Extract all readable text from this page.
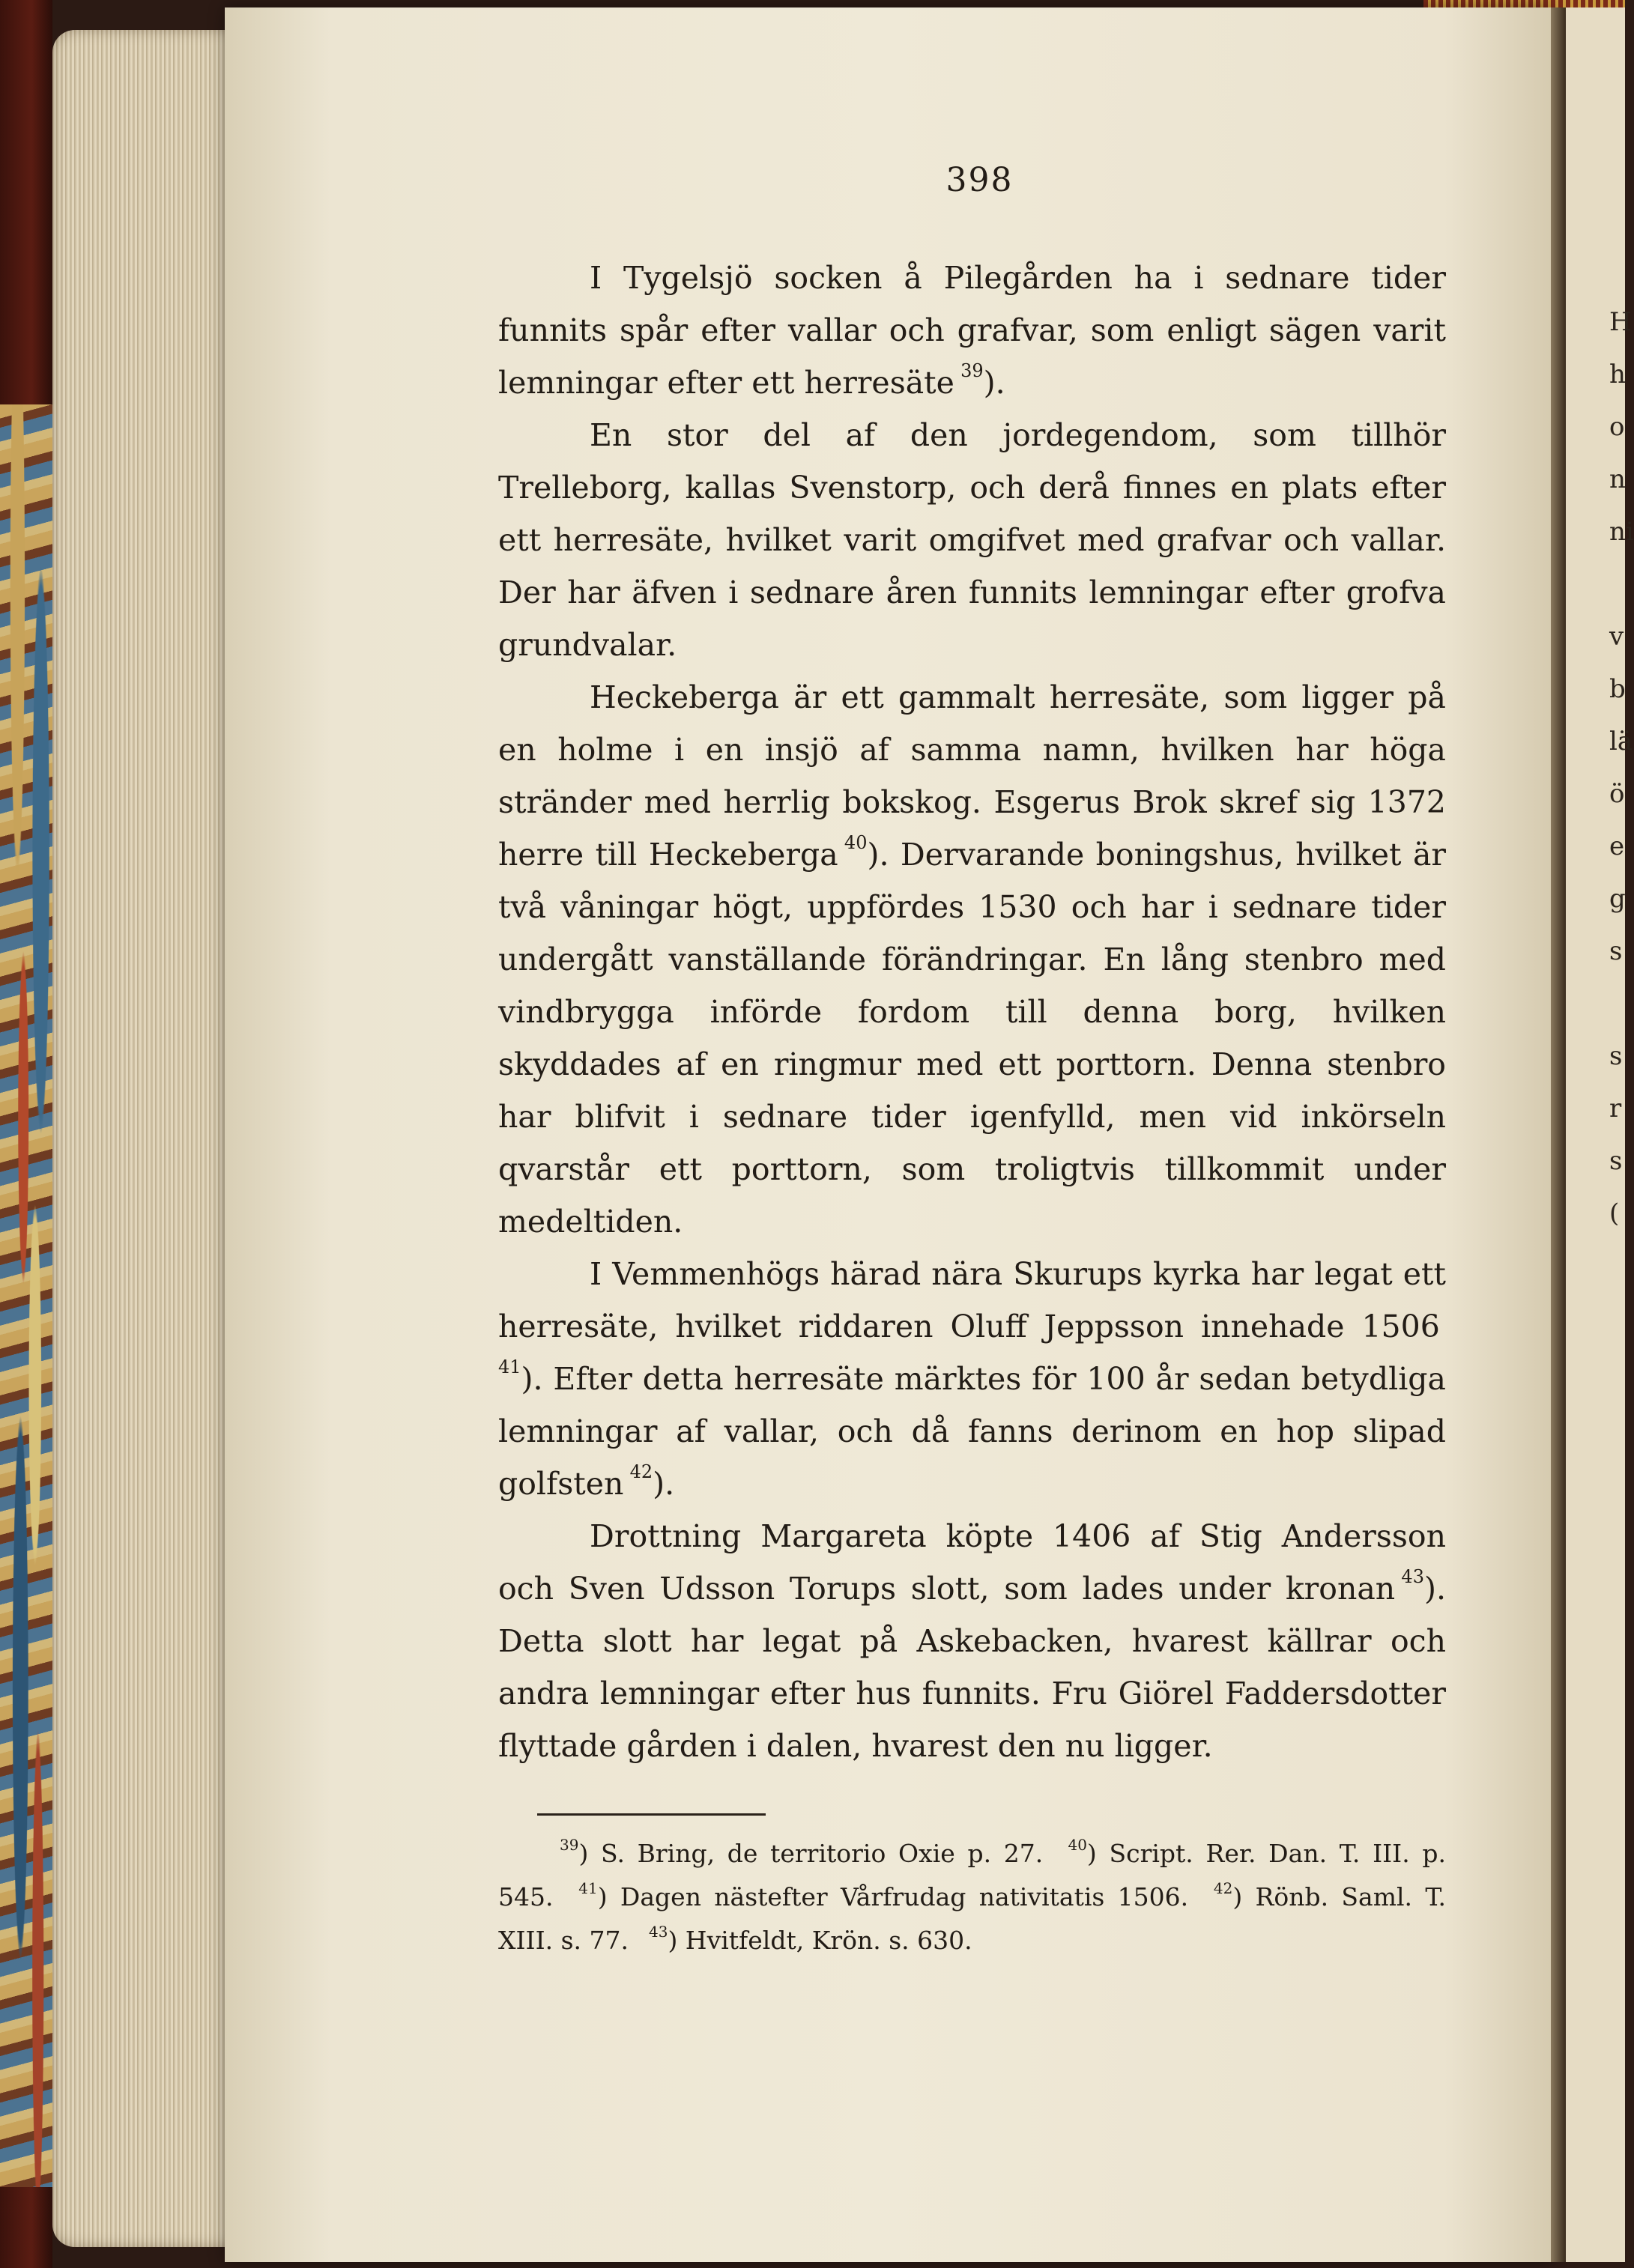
H
h
o
n
ni

v
b
lä
ö
e
g
s

s
r
s
(
398

I Tygelsjö socken å Pilegården ha i sednare tider funnits spår efter vallar och grafvar, som enligt sägen varit lemningar efter ett herresäte  $^{39}$).

En stor del af den jordegendom, som tillhör Trelleborg, kallas Svenstorp, och derå finnes en plats efter ett herresäte, hvilket varit omgifvet med grafvar och vallar. Der har äfven i sednare åren funnits lemningar efter grofva grundvalar.

Heckeberga är ett gammalt herresäte, som ligger på en holme i en insjö af samma namn, hvilken har höga stränder med herrlig bokskog. Esgerus Brok skref sig 1372 herre till Heckeberga  $^{40}$). Dervarande boningshus, hvilket är två våningar högt, uppfördes 1530 och har i sednare tider undergått vanställande förändringar. En lång stenbro med vindbrygga införde fordom till denna borg, hvilken skyddades af en ringmur med ett porttorn. Denna stenbro har blifvit i sednare tider igenfylld, men vid inkörseln qvarstår ett porttorn, som troligtvis tillkommit under medeltiden.

I Vemmenhögs härad nära Skurups kyrka har legat ett herresäte, hvilket riddaren Oluff Jeppsson innehade 1506 $^{41}$). Efter detta herresäte märktes för 100 år sedan betydliga lemningar af vallar, och då fanns derinom en hop slipad golfsten  $^{42}$).

Drottning Margareta köpte 1406 af Stig Andersson och Sven Udsson Torups slott, som lades under kronan  $^{43}$). Detta slott har legat på Askebacken, hvarest källrar och andra lemningar efter hus funnits. Fru Giörel Faddersdotter flyttade gården i dalen, hvarest den nu ligger.

$^{39}$) S. Bring, de territorio Oxie p. 27.  $^{40}$) Script. Rer. Dan. T. III. p. 545.  $^{41}$) Dagen nästefter Vårfrudag nativitatis 1506.  $^{42}$) Rönb. Saml. T. XIII. s. 77.  $^{43}$) Hvitfeldt, Krön. s. 630.
